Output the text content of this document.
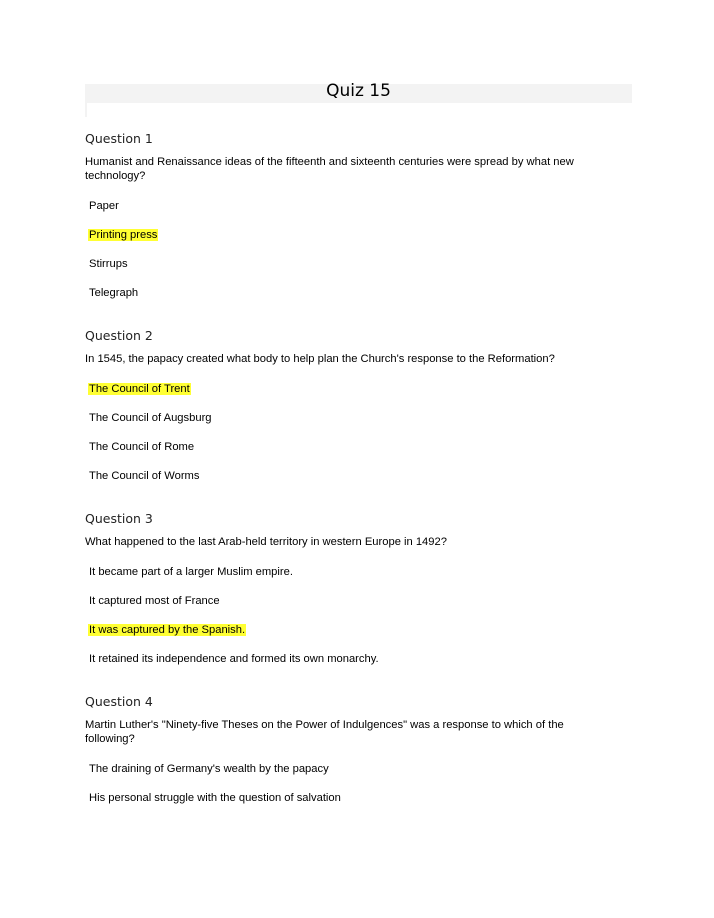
Quiz 15
Question 1
Humanist and Renaissance ideas of the fifteenth and sixteenth centuries were spread by what new technology?
Paper
Printing press
Stirrups
Telegraph
Question 2
In 1545, the papacy created what body to help plan the Church's response to the Reformation?
The Council of Trent
The Council of Augsburg
The Council of Rome
The Council of Worms
Question 3
What happened to the last Arab-held territory in western Europe in 1492?
It became part of a larger Muslim empire.
It captured most of France
It was captured by the Spanish.
It retained its independence and formed its own monarchy.
Question 4
Martin Luther's "Ninety-five Theses on the Power of Indulgences" was a response to which of the following?
The draining of Germany's wealth by the papacy
His personal struggle with the question of salvation
